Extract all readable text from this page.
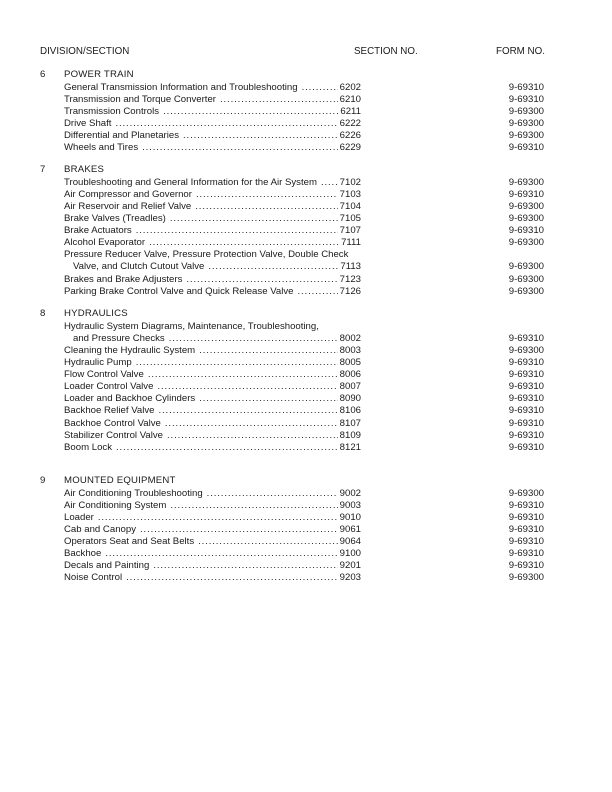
DIVISION/SECTION	SECTION NO.	FORM NO.
6 POWER TRAIN
General Transmission Information and Troubleshooting . . .	6202	9-69310
Transmission and Torque Converter . . .	6210	9-69310
Transmission Controls . . .	6211	9-69300
Drive Shaft . . .	6222	9-69300
Differential and Planetaries . . .	6226	9-69300
Wheels and Tires . . .	6229	9-69310
7 BRAKES
Troubleshooting and General Information for the Air System . . . 7102	9-69300
Air Compressor and Governor . . .	7103	9-69310
Air Reservoir and Relief Valve . . .	7104	9-69300
Brake Valves (Treadles) . . .	7105	9-69300
Brake Actuators . . .	7107	9-69310
Alcohol Evaporator . . .	7111	9-69300
Pressure Reducer Valve, Pressure Protection Valve, Double Check
Valve, and Clutch Cutout Valve . . .	7113	9-69300
Brakes and Brake Adjusters . . .	7123	9-69300
Parking Brake Control Valve and Quick Release Valve . . .	7126	9-69300
8 HYDRAULICS
Hydraulic System Diagrams, Maintenance, Troubleshooting,
and Pressure Checks . . .	8002	9-69310
Cleaning the Hydraulic System . . .	8003	9-69300
Hydraulic Pump . . .	8005	9-69310
Flow Control Valve . . .	8006	9-69310
Loader Control Valve . . .	8007	9-69310
Loader and Backhoe Cylinders . . .	8090	9-69310
Backhoe Relief Valve . . .	8106	9-69310
Backhoe Control Valve . . .	8107	9-69310
Stabilizer Control Valve . . .	8109	9-69310
Boom Lock . . .	8121	9-69310
9 MOUNTED EQUIPMENT
Air Conditioning Troubleshooting . . .	9002	9-69300
Air Conditioning System . . .	9003	9-69310
Loader . . .	9010	9-69310
Cab and Canopy . . .	9061	9-69310
Operators Seat and Seat Belts . . .	9064	9-69310
Backhoe . . .	9100	9-69310
Decals and Painting . . .	9201	9-69310
Noise Control . . .	9203	9-69300
